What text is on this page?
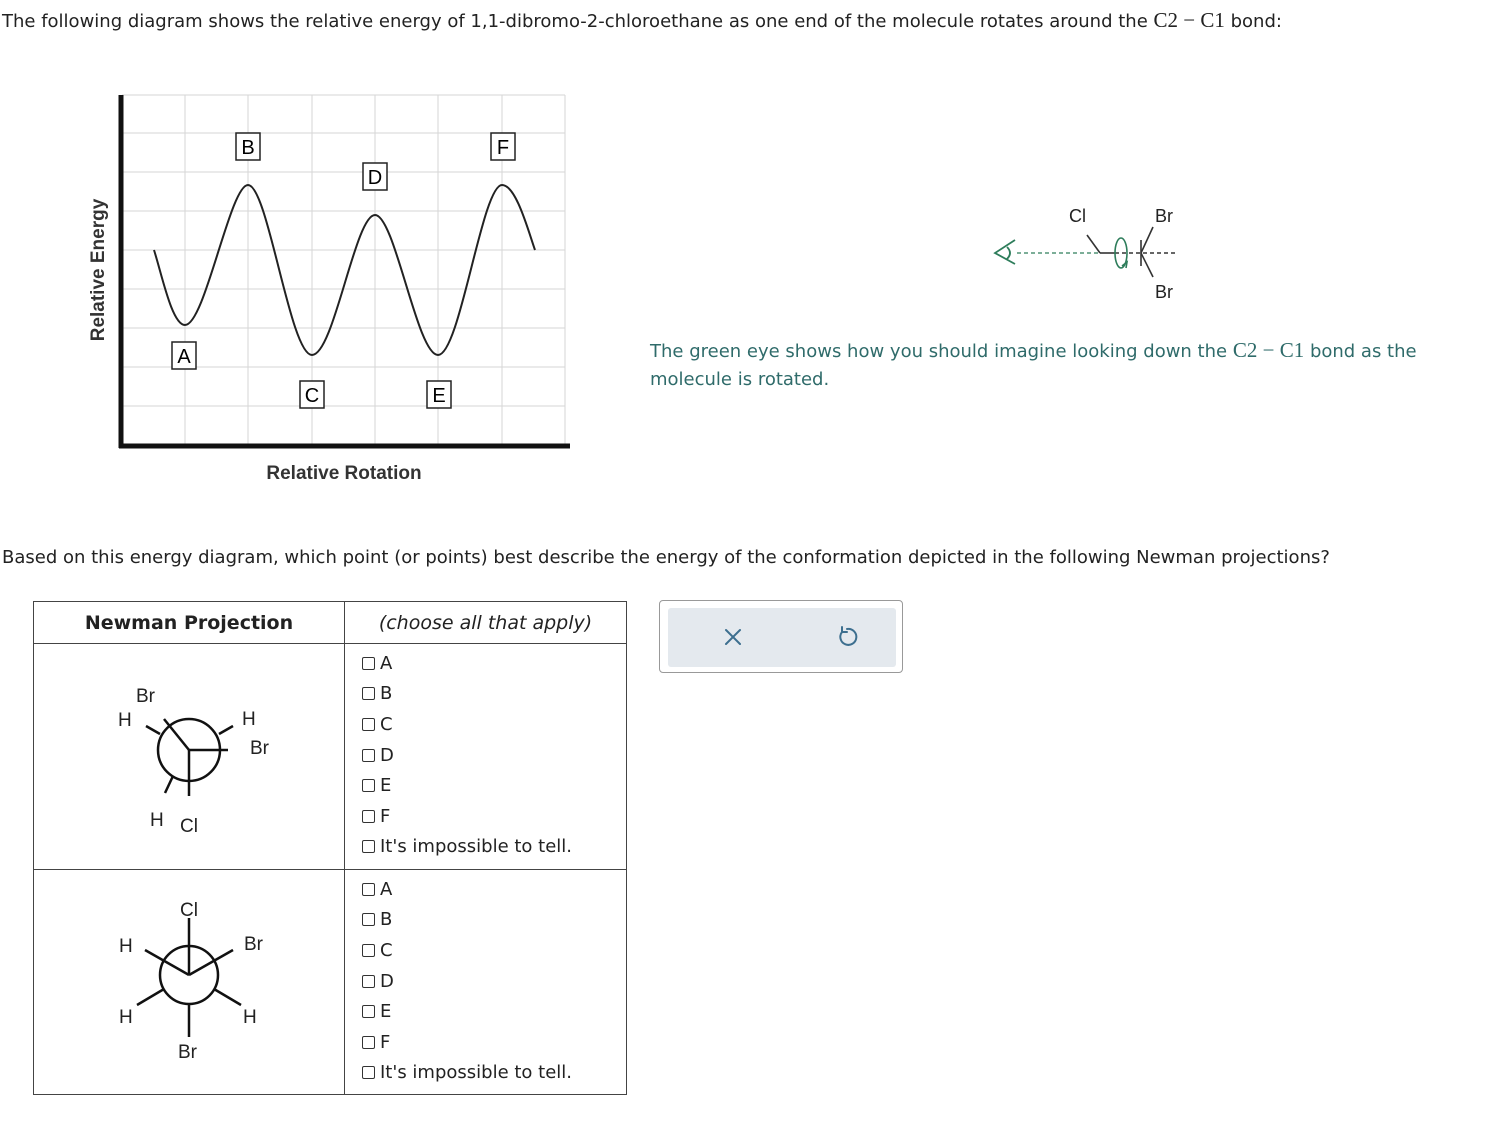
The following diagram shows the relative energy of 1,1-dibromo-2-chloroethane as one end of the molecule rotates around the C2 − C1 bond:
A
B
C
D
E
F
Relative Energy
Relative Rotation
Cl	Br
Br
The green eye shows how you should imagine looking down the C2 − C1 bond as the molecule is rotated.
Based on this energy diagram, which point (or points) best describe the energy of the conformation depicted in the following Newman projections?
Newman Projection	(choose all that apply)
Br
Br
H
H	H
Cl
A
B
C
D
E
F
It's impossible to tell.
Cl
Br
H
Br
H	H
A
B
C
D
E
F
It's impossible to tell.
